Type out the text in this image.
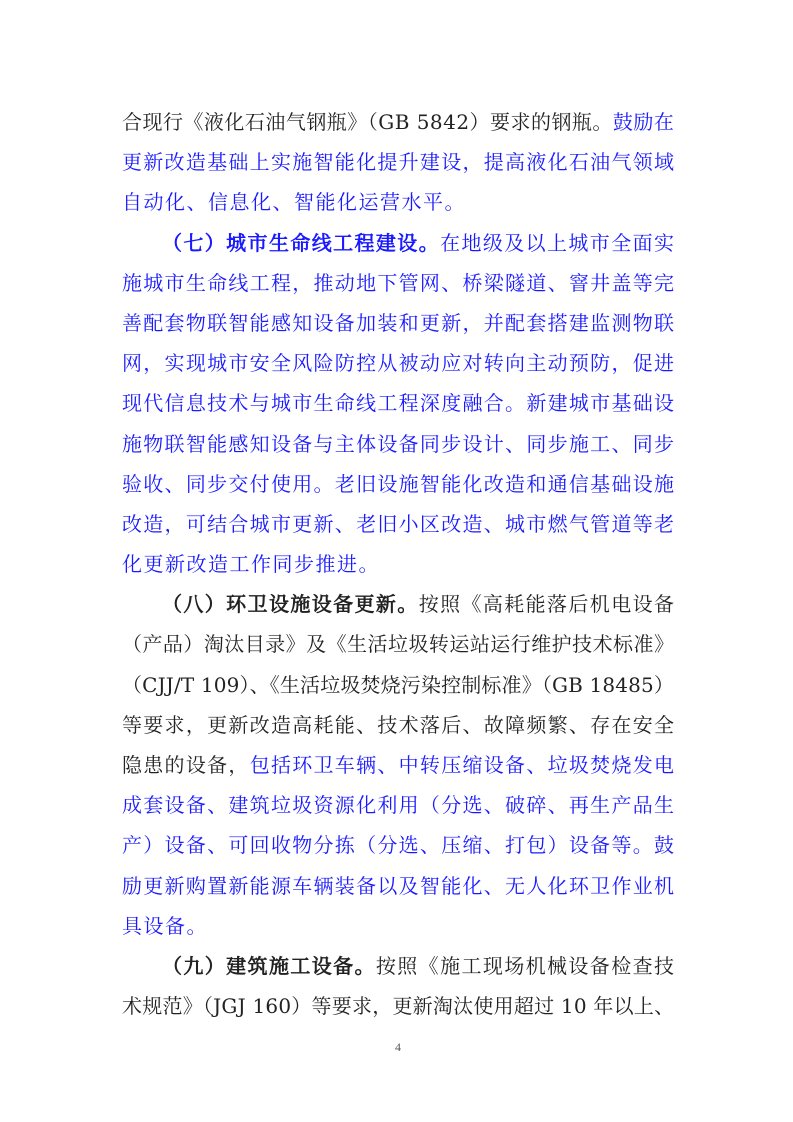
合现行《液化石油气钢瓶》（GB 5842）要求的钢瓶。鼓励在
更新改造基础上实施智能化提升建设，提高液化石油气领域
自动化、信息化、智能化运营水平。
（七）城市生命线工程建设。在地级及以上城市全面实
施城市生命线工程，推动地下管网、桥梁隧道、窨井盖等完
善配套物联智能感知设备加装和更新，并配套搭建监测物联
网，实现城市安全风险防控从被动应对转向主动预防，促进
现代信息技术与城市生命线工程深度融合。新建城市基础设
施物联智能感知设备与主体设备同步设计、同步施工、同步
验收、同步交付使用。老旧设施智能化改造和通信基础设施
改造，可结合城市更新、老旧小区改造、城市燃气管道等老
化更新改造工作同步推进。
（八）环卫设施设备更新。按照《高耗能落后机电设备
（产品）淘汰目录》及《生活垃圾转运站运行维护技术标准》
（CJJ/T 109）、《生活垃圾焚烧污染控制标准》（GB 18485）
等要求，更新改造高耗能、技术落后、故障频繁、存在安全
隐患的设备，包括环卫车辆、中转压缩设备、垃圾焚烧发电
成套设备、建筑垃圾资源化利用（分选、破碎、再生产品生
产）设备、可回收物分拣（分选、压缩、打包）设备等。鼓
励更新购置新能源车辆装备以及智能化、无人化环卫作业机
具设备。
（九）建筑施工设备。按照《施工现场机械设备检查技
术规范》（JGJ 160）等要求，更新淘汰使用超过 10 年以上、
4
